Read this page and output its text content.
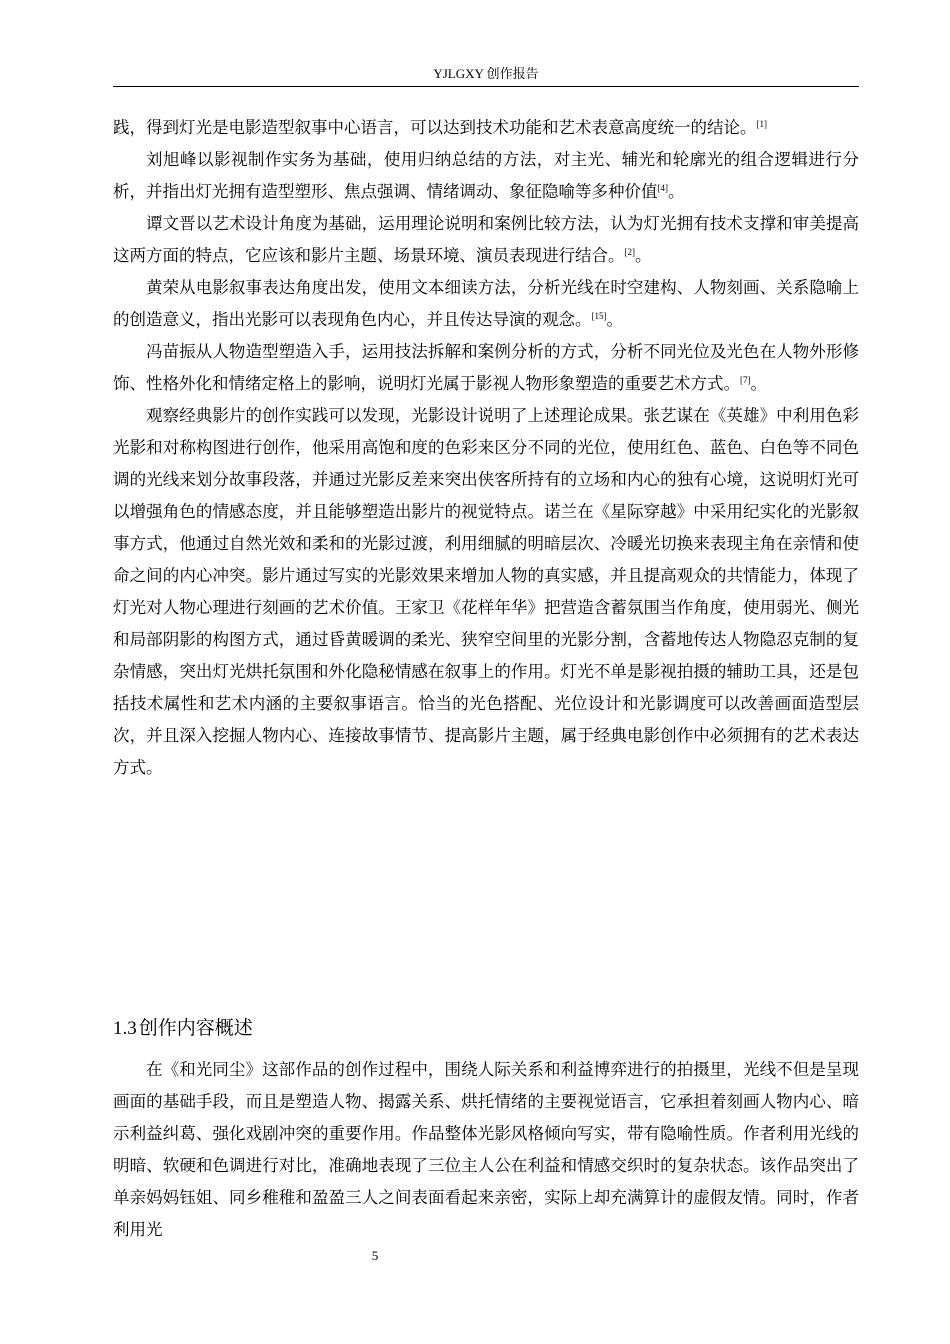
YJLGXY 创作报告

践，得到灯光是电影造型叙事中心语言，可以达到技术功能和艺术表意高度统一的结论。[1]

刘旭峰以影视制作实务为基础，使用归纳总结的方法，对主光、辅光和轮廓光的组合逻辑进行分析，并指出灯光拥有造型塑形、焦点强调、情绪调动、象征隐喻等多种价值[4]。

谭文晋以艺术设计角度为基础，运用理论说明和案例比较方法，认为灯光拥有技术支撑和审美提高这两方面的特点，它应该和影片主题、场景环境、演员表现进行结合。[2]。

黄荣从电影叙事表达角度出发，使用文本细读方法，分析光线在时空建构、人物刻画、关系隐喻上的创造意义，指出光影可以表现角色内心，并且传达导演的观念。[15]。

冯苗振从人物造型塑造入手，运用技法拆解和案例分析的方式，分析不同光位及光色在人物外形修饰、性格外化和情绪定格上的影响，说明灯光属于影视人物形象塑造的重要艺术方式。[7]。

观察经典影片的创作实践可以发现，光影设计说明了上述理论成果。张艺谋在《英雄》中利用色彩光影和对称构图进行创作，他采用高饱和度的色彩来区分不同的光位，使用红色、蓝色、白色等不同色调的光线来划分故事段落，并通过光影反差来突出侠客所持有的立场和内心的独有心境，这说明灯光可以增强角色的情感态度，并且能够塑造出影片的视觉特点。诺兰在《星际穿越》中采用纪实化的光影叙事方式，他通过自然光效和柔和的光影过渡，利用细腻的明暗层次、冷暖光切换来表现主角在亲情和使命之间的内心冲突。影片通过写实的光影效果来增加人物的真实感，并且提高观众的共情能力，体现了灯光对人物心理进行刻画的艺术价值。王家卫《花样年华》把营造含蓄氛围当作角度，使用弱光、侧光和局部阴影的构图方式，通过昏黄暖调的柔光、狭窄空间里的光影分割，含蓄地传达人物隐忍克制的复杂情感，突出灯光烘托氛围和外化隐秘情感在叙事上的作用。灯光不单是影视拍摄的辅助工具，还是包括技术属性和艺术内涵的主要叙事语言。恰当的光色搭配、光位设计和光影调度可以改善画面造型层次，并且深入挖掘人物内心、连接故事情节、提高影片主题，属于经典电影创作中必须拥有的艺术表达方式。

1.3 创作内容概述

在《和光同尘》这部作品的创作过程中，围绕人际关系和利益博弈进行的拍摄里，光线不但是呈现画面的基础手段，而且是塑造人物、揭露关系、烘托情绪的主要视觉语言，它承担着刻画人物内心、暗示利益纠葛、强化戏剧冲突的重要作用。作品整体光影风格倾向写实，带有隐喻性质。作者利用光线的明暗、软硬和色调进行对比，准确地表现了三位主人公在利益和情感交织时的复杂状态。该作品突出了单亲妈妈钰姐、同乡稚稚和盈盈三人之间表面看起来亲密，实际上却充满算计的虚假友情。同时，作者利用光

5
